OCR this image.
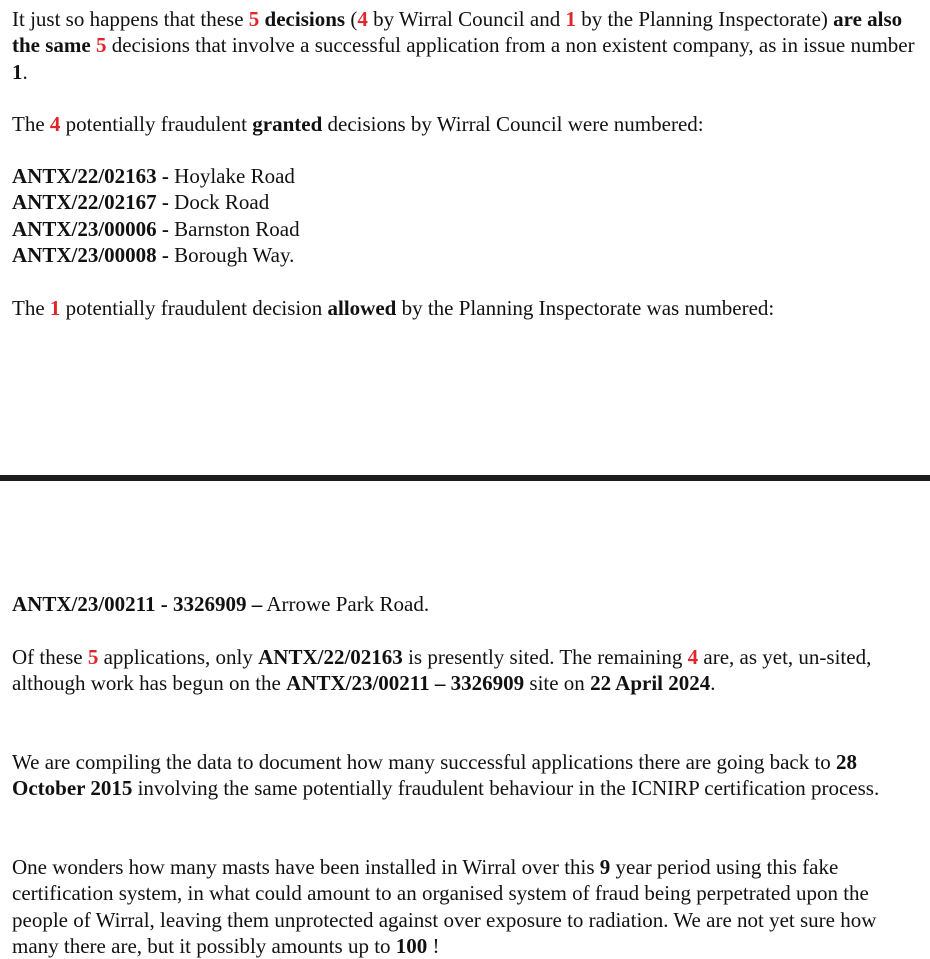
It just so happens that these 5 decisions (4 by Wirral Council and 1 by the Planning Inspectorate) are also the same 5 decisions that involve a successful application from a non existent company, as in issue number 1.

The 4 potentially fraudulent granted decisions by Wirral Council were numbered:

ANTX/22/02163 - Hoylake Road

ANTX/22/02167 - Dock Road

ANTX/23/00006 - Barnston Road

ANTX/23/00008 - Borough Way.

The 1 potentially fraudulent decision allowed by the Planning Inspectorate was numbered:

ANTX/23/00211 - 3326909 – Arrowe Park Road.

Of these 5 applications, only ANTX/22/02163 is presently sited. The remaining 4 are, as yet, un-sited, although work has begun on the ANTX/23/00211 – 3326909 site on 22 April 2024.

We are compiling the data to document how many successful applications there are going back to 28 October 2015 involving the same potentially fraudulent behaviour in the ICNIRP certification process.

One wonders how many masts have been installed in Wirral over this 9 year period using this fake certification system, in what could amount to an organised system of fraud being perpetrated upon the people of Wirral, leaving them unprotected against over exposure to radiation. We are not yet sure how many there are, but it possibly amounts up to 100 !
